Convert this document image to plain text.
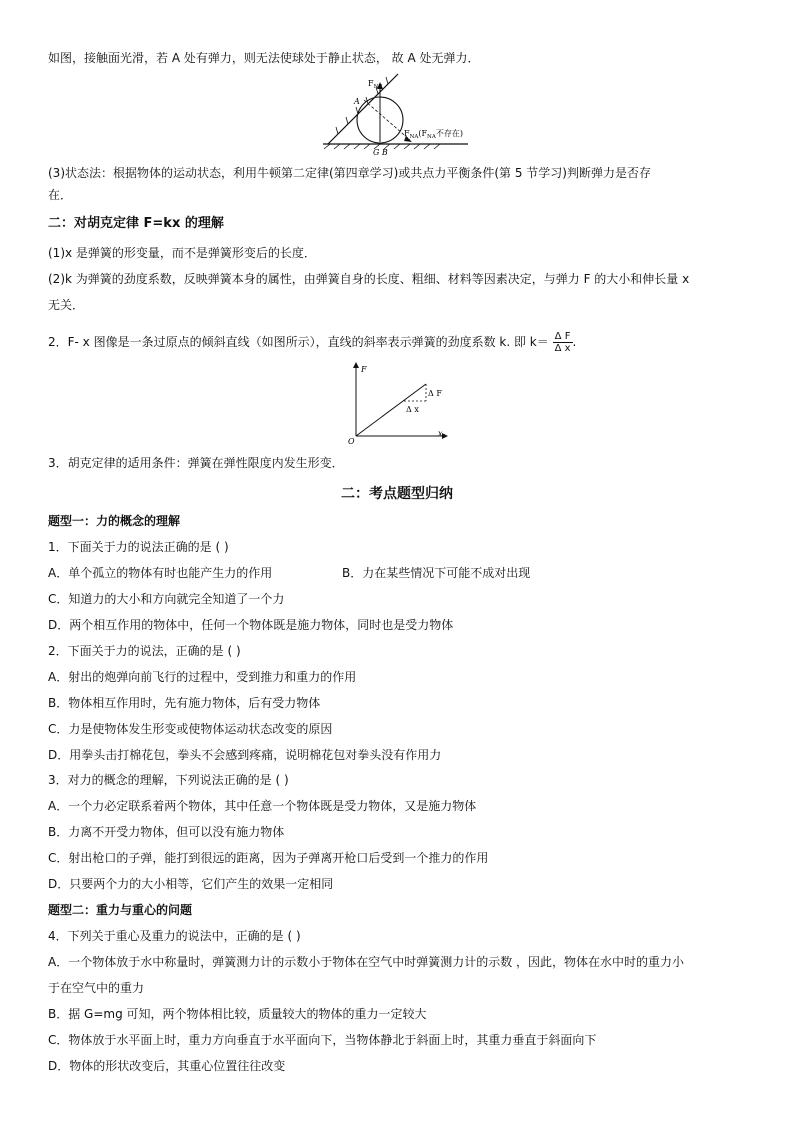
如图，接触面光滑，若 A 处有弹力，则无法使球处于静止状态， 故 A 处无弹力．
$F_{NB}$
A
$F_{NA}(F_{NA}$不存在)
G B
(3)状态法：根据物体的运动状态，利用牛顿第二定律(第四章学习)或共点力平衡条件(第 5 节学习)判断弹力是否存
在．
二：对胡克定律 F=kx 的理解
(1)x 是弹簧的形变量，而不是弹簧形变后的长度．
(2)k 为弹簧的劲度系数，反映弹簧本身的属性，由弹簧自身的长度、粗细、材料等因素决定，与弹力 F 的大小和伸长量 x
无关．
2．F- x 图像是一条过原点的倾斜直线（如图所示），直线的斜率表示弹簧的劲度系数 k. 即 $k= \frac{\text{Δ F}}{\text{Δ x}}$ .
F
x
O
Δ F
Δ x
3．胡克定律的适用条件：弹簧在弹性限度内发生形变．
二：考点题型归纳
题型一：力的概念的理解
1．下面关于力的说法正确的是 ( )
A．单个孤立的物体有时也能产生力的作用	B．力在某些情况下可能不成对出现
C．知道力的大小和方向就完全知道了一个力
D．两个相互作用的物体中，任何一个物体既是施力物体，同时也是受力物体
2．下面关于力的说法，正确的是 ( )
A．射出的炮弹向前飞行的过程中，受到推力和重力的作用
B．物体相互作用时，先有施力物体，后有受力物体
C．力是使物体发生形变或使物体运动状态改变的原因
D．用拳头击打棉花包，拳头不会感到疼痛，说明棉花包对拳头没有作用力
3．对力的概念的理解，下列说法正确的是 ( )
A．一个力必定联系着两个物体，其中任意一个物体既是受力物体，又是施力物体
B．力离不开受力物体，但可以没有施力物体
C．射出枪口的子弹，能打到很远的距离，因为子弹离开枪口后受到一个推力的作用
D．只要两个力的大小相等，它们产生的效果一定相同
题型二：重力与重心的问题
4．下列关于重心及重力的说法中，正确的是 ( )
A．一个物体放于水中称量时，弹簧测力计的示数小于物体在空气中时弹簧测力计的示数 ，因此，物体在水中时的重力小
于在空气中的重力
B．据 G=mg 可知，两个物体相比较，质量较大的物体的重力一定较大
C．物体放于水平面上时，重力方向垂直于水平面向下，当物体静北于斜面上时，其重力垂直于斜面向下
D．物体的形状改变后，其重心位置往往改变
